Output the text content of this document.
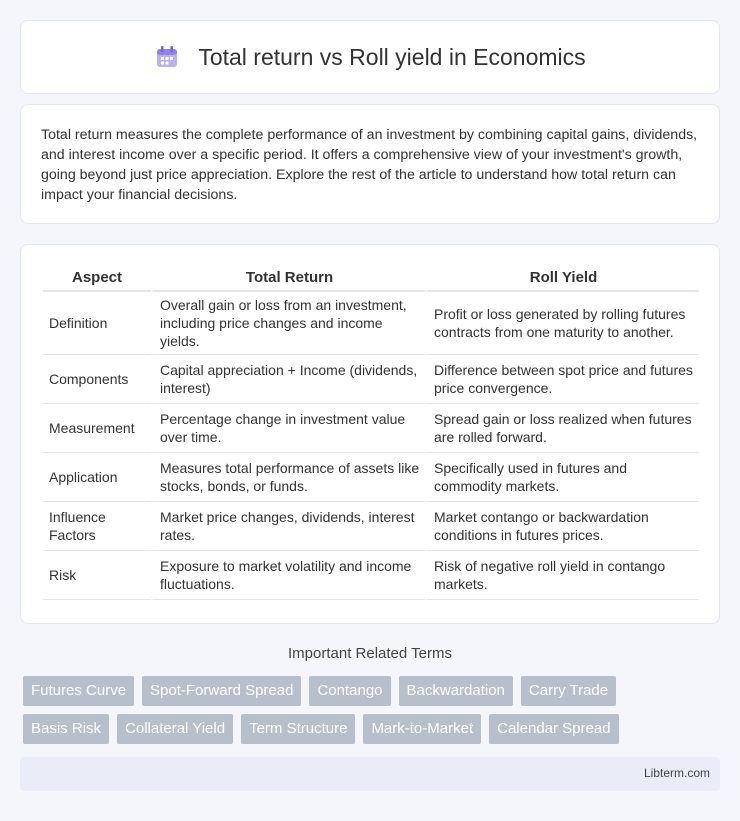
Total return vs Roll yield in Economics

Total return measures the complete performance of an investment by combining capital gains, dividends, and interest income over a specific period. It offers a comprehensive view of your investment's growth, going beyond just price appreciation. Explore the rest of the article to understand how total return can impact your financial decisions.

Aspect	Total Return	Roll Yield
Definition	Overall gain or loss from an investment, including price changes and income yields.	Profit or loss generated by rolling futures contracts from one maturity to another.
Components	Capital appreciation + Income (dividends, interest)	Difference between spot price and futures price convergence.
Measurement	Percentage change in investment value over time.	Spread gain or loss realized when futures are rolled forward.
Application	Measures total performance of assets like stocks, bonds, or funds.	Specifically used in futures and commodity markets.
Influence Factors	Market price changes, dividends, interest rates.	Market contango or backwardation conditions in futures prices.
Risk	Exposure to market volatility and income fluctuations.	Risk of negative roll yield in contango markets.
Important Related Terms
Futures Curve	Spot-Forward Spread	Contango	Backwardation	Carry Trade
Basis Risk	Collateral Yield	Term Structure	Mark-to-Market	Calendar Spread
Libterm.com
